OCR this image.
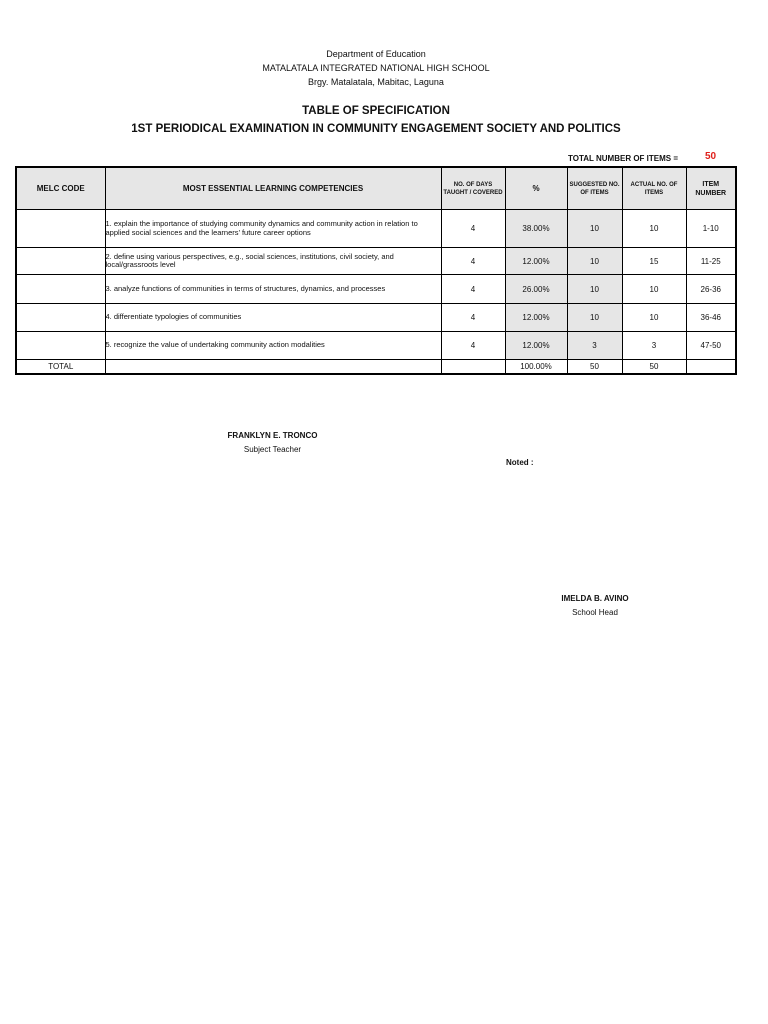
Department of Education
MATALATALA INTEGRATED NATIONAL HIGH SCHOOL
Brgy. Matalatala, Mabitac, Laguna
TABLE OF SPECIFICATION
1ST PERIODICAL EXAMINATION IN COMMUNITY ENGAGEMENT SOCIETY AND POLITICS
TOTAL NUMBER OF ITEMS =	50
MELC CODE	MOST ESSENTIAL LEARNING COMPETENCIES	NO. OF DAYS TAUGHT / COVERED	%	SUGGESTED NO. OF ITEMS	ACTUAL NO. OF ITEMS	ITEM NUMBER
	1. explain the importance of studying community dynamics and community action in relation to applied social sciences and the learners’ future career options	4	38.00%	10	10	1-10
	2. define using various perspectives, e.g., social sciences, institutions, civil society, and local/grassroots level	4	12.00%	10	15	11-25
	3. analyze functions of communities in terms of structures, dynamics, and processes	4	26.00%	10	10	26-36
	4. differentiate typologies of communities	4	12.00%	10	10	36-46
	5. recognize the value of undertaking community action modalities	4	12.00%	3	3	47-50
TOTAL			100.00%	50	50	
FRANKLYN E. TRONCO
Subject Teacher
Noted :
IMELDA B. AVINO
School Head
